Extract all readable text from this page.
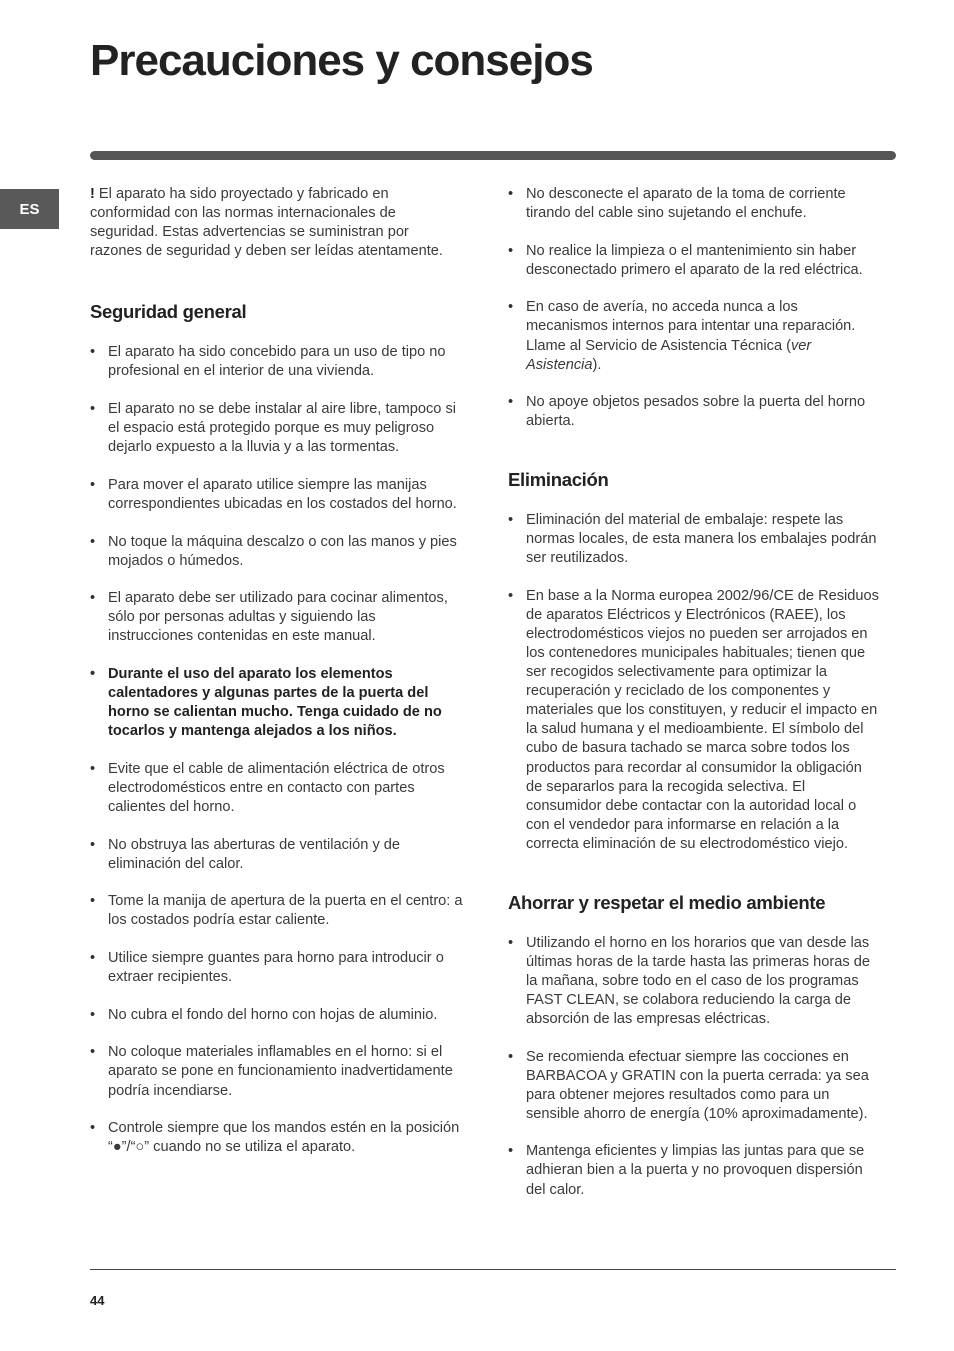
Precauciones y consejos
ES

! El aparato ha sido proyectado y fabricado en conformidad con las normas internacionales de seguridad. Estas advertencias se suministran por razones de seguridad y deben ser leídas atentamente.

Seguridad general
• El aparato ha sido concebido para un uso de tipo no profesional en el interior de una vivienda.
• El aparato no se debe instalar al aire libre, tampoco si el espacio está protegido porque es muy peligroso dejarlo expuesto a la lluvia y a las tormentas.
• Para mover el aparato utilice siempre las manijas correspondientes ubicadas en los costados del horno.
• No toque la máquina descalzo o con las manos y pies mojados o húmedos.
• El aparato debe ser utilizado para cocinar alimentos, sólo por personas adultas y siguiendo las instrucciones contenidas en este manual.
• Durante el uso del aparato los elementos calentadores y algunas partes de la puerta del horno se calientan mucho. Tenga cuidado de no tocarlos y mantenga alejados a los niños.
• Evite que el cable de alimentación eléctrica de otros electrodomésticos entre en contacto con partes calientes del horno.
• No obstruya las aberturas de ventilación y de eliminación del calor.
• Tome la manija de apertura de la puerta en el centro: a los costados podría estar caliente.
• Utilice siempre guantes para horno para introducir o extraer recipientes.
• No cubra el fondo del horno con hojas de aluminio.
• No coloque materiales inflamables en el horno: si el aparato se pone en funcionamiento inadvertidamente podría incendiarse.
• Controle siempre que los mandos estén en la posición “●”/“○” cuando no se utiliza el aparato.
• No desconecte el aparato de la toma de corriente tirando del cable sino sujetando el enchufe.
• No realice la limpieza o el mantenimiento sin haber desconectado primero el aparato de la red eléctrica.
• En caso de avería, no acceda nunca a los mecanismos internos para intentar una reparación. Llame al Servicio de Asistencia Técnica (ver Asistencia).
• No apoye objetos pesados sobre la puerta del horno abierta.
Eliminación
• Eliminación del material de embalaje: respete las normas locales, de esta manera los embalajes podrán ser reutilizados.
• En base a la Norma europea 2002/96/CE de Residuos de aparatos Eléctricos y Electrónicos (RAEE), los electrodomésticos viejos no pueden ser arrojados en los contenedores municipales habituales; tienen que ser recogidos selectivamente para optimizar la recuperación y reciclado de los componentes y materiales que los constituyen, y reducir el impacto en la salud humana y el medioambiente. El símbolo del cubo de basura tachado se marca sobre todos los productos para recordar al consumidor la obligación de separarlos para la recogida selectiva. El consumidor debe contactar con la autoridad local o con el vendedor para informarse en relación a la correcta eliminación de su electrodoméstico viejo.
Ahorrar y respetar el medio ambiente
• Utilizando el horno en los horarios que van desde las últimas horas de la tarde hasta las primeras horas de la mañana, sobre todo en el caso de los programas FAST CLEAN, se colabora reduciendo la carga de absorción de las empresas eléctricas.
• Se recomienda efectuar siempre las cocciones en BARBACOA y GRATIN con la puerta cerrada: ya sea para obtener mejores resultados como para un sensible ahorro de energía (10% aproximadamente).
• Mantenga eficientes y limpias las juntas para que se adhieran bien a la puerta y no provoquen dispersión del calor.
44
